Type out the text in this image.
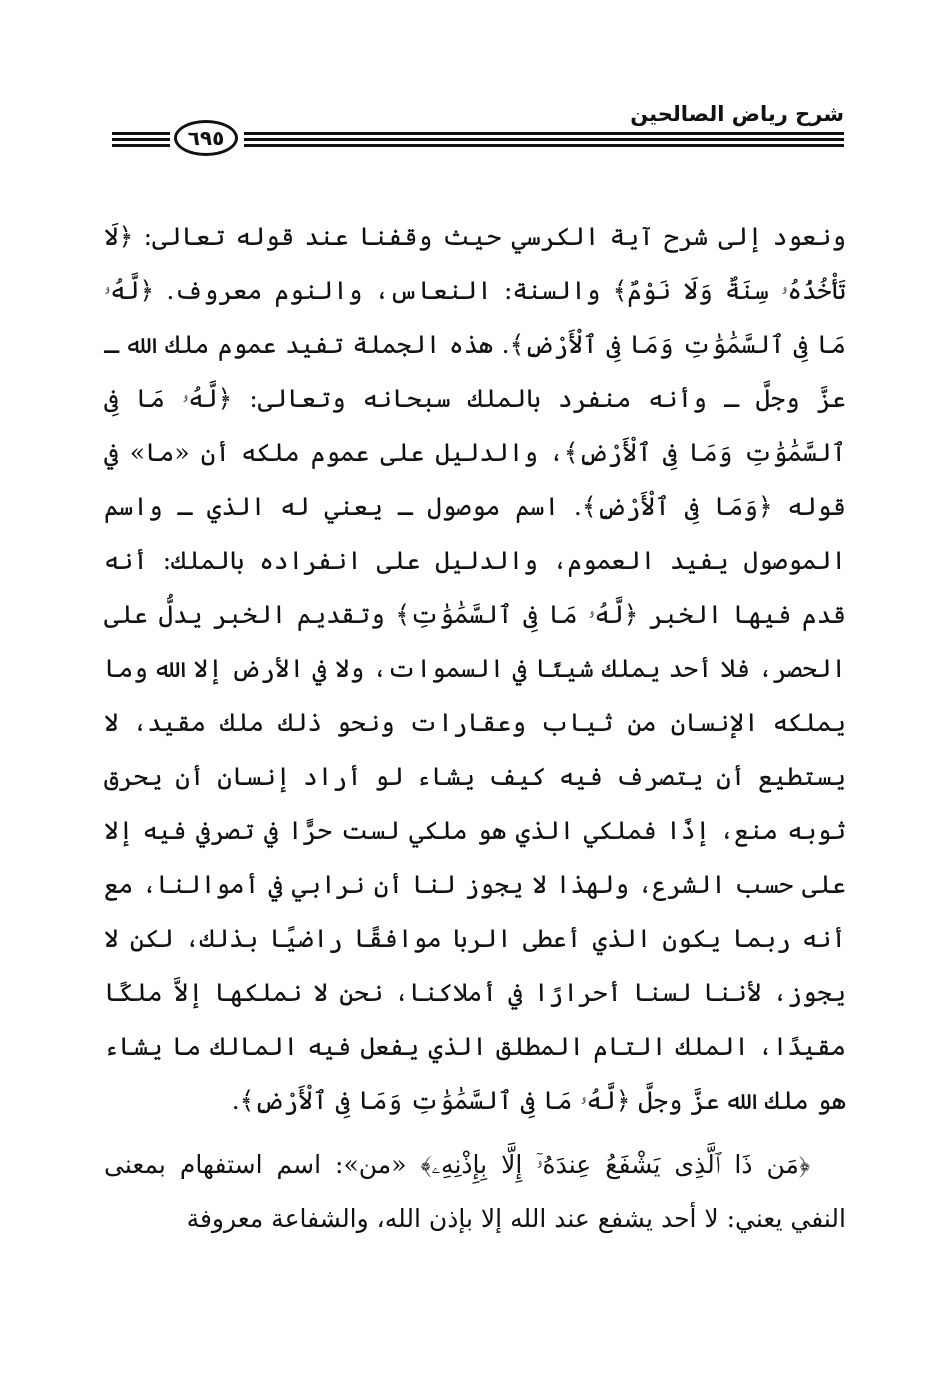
شرح رياض الصالحين
٦٩٥
ونعود إلى شرح آية الكرسي حيث وقفنا عند قوله تعالى: ﴿لَا تَأْخُذُهُۥ سِنَةٌ وَلَا نَوْمٌ﴾ والسنة: النعاس، والنوم معروف. ﴿لَّهُۥ مَا فِى ٱلسَّمَٰوَٰتِ وَمَا فِى ٱلْأَرْضِ﴾. هذه الجملة تفيد عموم ملك الله ـ عزَّ وجلَّ ـ وأنه منفرد بالملك سبحانه وتعالى: ﴿لَّهُۥ مَا فِى ٱلسَّمَٰوَٰتِ وَمَا فِى ٱلْأَرْضِ﴾، والدليل على عموم ملكه أن «ما» في قوله ﴿وَمَا فِى ٱلْأَرْضِ﴾. اسم موصول ـ يعني له الذي ـ واسم الموصول يفيد العموم، والدليل على انفراده بالملك: أنه قدم فيها الخبر ﴿لَّهُۥ مَا فِى ٱلسَّمَٰوَٰتِ﴾ وتقديم الخبر يدلُّ على الحصر، فلا أحد يملك شيئًا في السموات، ولا في الأرض إلا الله وما يملكه الإنسان من ثياب وعقارات ونحو ذلك ملك مقيد، لا يستطيع أن يتصرف فيه كيف يشاء لو أراد إنسان أن يحرق ثوبه منع، إذًا فملكي الذي هو ملكي لست حرًّا في تصرفي فيه إلا على حسب الشرع، ولهذا لا يجوز لنا أن نرابي في أموالنا، مع أنه ربما يكون الذي أعطى الربا موافقًا راضيًا بذلك، لكن لا يجوز، لأننا لسنا أحرارًا في أملاكنا، نحن لا نملكها إلاَّ ملكًا مقيدًا، الملك التام المطلق الذي يفعل فيه المالك ما يشاء هو ملك الله عزَّ وجلَّ ﴿لَّهُۥ مَا فِى ٱلسَّمَٰوَٰتِ وَمَا فِى ٱلْأَرْضِ﴾.
﴿مَن ذَا ٱلَّذِى يَشْفَعُ عِندَهُۥٓ إِلَّا بِإِذْنِهِۦ﴾ «من»: اسم استفهام بمعنى النفي يعني: لا أحد يشفع عند الله إلا بإذن الله، والشفاعة معروفة
